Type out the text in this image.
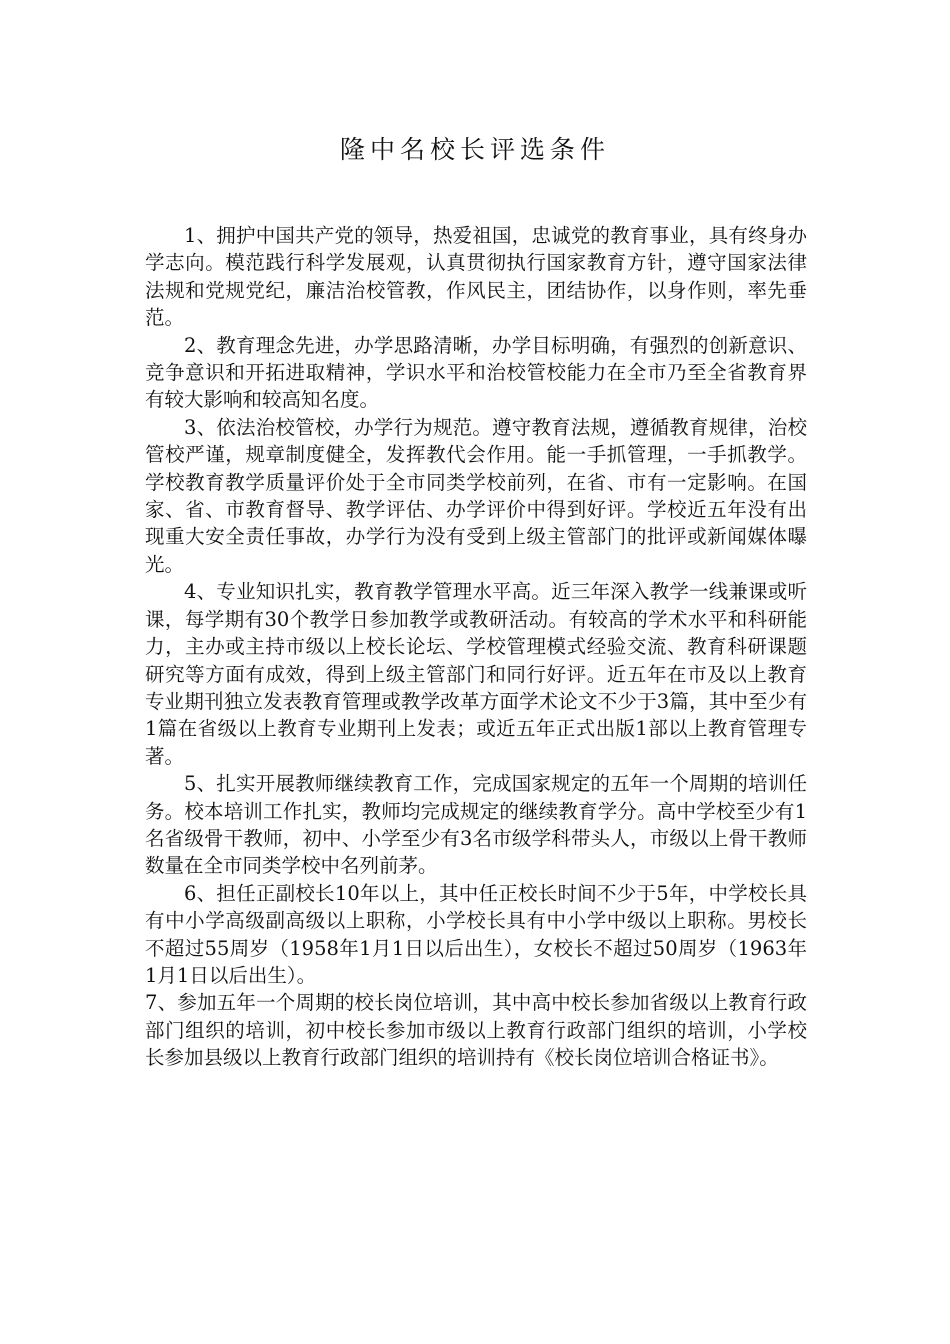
隆中名校长评选条件

1、拥护中国共产党的领导，热爱祖国，忠诚党的教育事业，具有终身办学志向。模范践行科学发展观，认真贯彻执行国家教育方针，遵守国家法律法规和党规党纪，廉洁治校管教，作风民主，团结协作，以身作则，率先垂范。

2、教育理念先进，办学思路清晰，办学目标明确，有强烈的创新意识、竞争意识和开拓进取精神，学识水平和治校管校能力在全市乃至全省教育界有较大影响和较高知名度。

3、依法治校管校，办学行为规范。遵守教育法规，遵循教育规律，治校管校严谨，规章制度健全，发挥教代会作用。能一手抓管理，一手抓教学。学校教育教学质量评价处于全市同类学校前列，在省、市有一定影响。在国家、省、市教育督导、教学评估、办学评价中得到好评。学校近五年没有出现重大安全责任事故，办学行为没有受到上级主管部门的批评或新闻媒体曝光。

4、专业知识扎实，教育教学管理水平高。近三年深入教学一线兼课或听课，每学期有30个教学日参加教学或教研活动。有较高的学术水平和科研能力，主办或主持市级以上校长论坛、学校管理模式经验交流、教育科研课题研究等方面有成效，得到上级主管部门和同行好评。近五年在市及以上教育专业期刊独立发表教育管理或教学改革方面学术论文不少于3篇，其中至少有1篇在省级以上教育专业期刊上发表；或近五年正式出版1部以上教育管理专著。

5、扎实开展教师继续教育工作，完成国家规定的五年一个周期的培训任务。校本培训工作扎实，教师均完成规定的继续教育学分。高中学校至少有1名省级骨干教师，初中、小学至少有3名市级学科带头人，市级以上骨干教师数量在全市同类学校中名列前茅。

6、担任正副校长10年以上，其中任正校长时间不少于5年，中学校长具有中小学高级副高级以上职称，小学校长具有中小学中级以上职称。男校长不超过55周岁（1958年1月1日以后出生），女校长不超过50周岁（1963年1月1日以后出生）。

7、参加五年一个周期的校长岗位培训，其中高中校长参加省级以上教育行政部门组织的培训，初中校长参加市级以上教育行政部门组织的培训，小学校长参加县级以上教育行政部门组织的培训持有《校长岗位培训合格证书》。
